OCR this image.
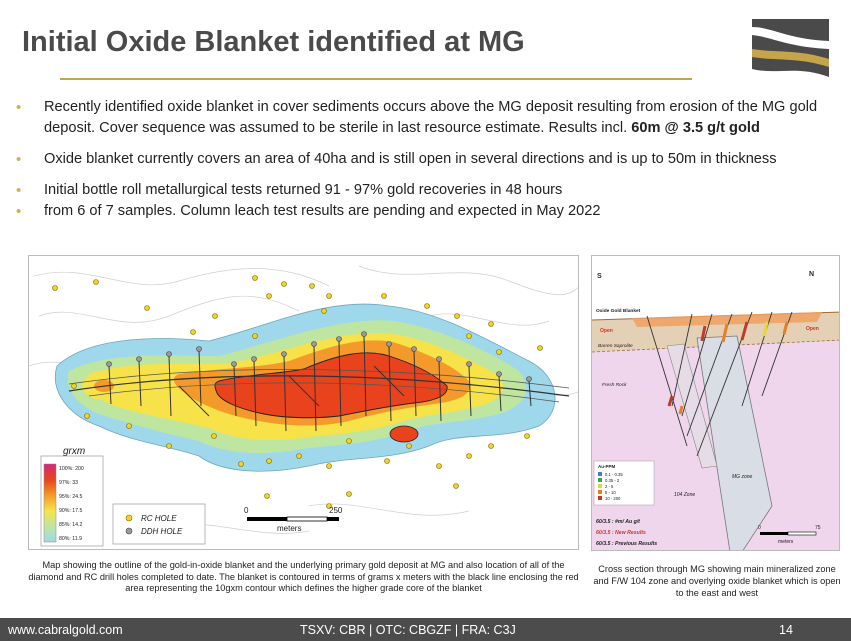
Initial Oxide Blanket identified at MG
• Recently identified oxide blanket in cover sediments occurs above the MG deposit resulting from erosion of the MG gold deposit. Cover sequence was assumed to be sterile in last resource estimate. Results incl. 60m @ 3.5 g/t gold
• Oxide blanket currently covers an area of 40ha and is still open in several directions and is up to 50m in thickness
• Initial bottle roll metallurgical tests returned 91 - 97% gold recoveries in 48 hours
• from 6 of 7 samples. Column leach test results are pending and expected in May 2022
grxm
100%: 200
97%: 33
95%: 24.5
90%: 17.5
85%: 14.2
80%: 11.9
RC HOLE
DDH HOLE
0	250
meters
S	N
Oxide Gold Blanket
Open	Open
Barren Saprolite
Fresh Rock
104 Zone
MG zone
Au-PPM
0.1 - 0.35
0.35 - 2
2 - 5
5 - 10
10 - 200
60/3.5 : #m/ Au g/t
60/3.5 : New Results
60/3.5 : Previous Results
0	75
meters
Map showing the outline of the gold-in-oxide blanket and the underlying primary gold deposit at MG and also location of all of the diamond and RC drill holes completed to date. The blanket is contoured in terms of grams x meters with the black line enclosing the red area representing the 10gxm contour which defines the higher grade core of the blanket
Cross section through MG showing main mineralized zone and F/W 104 zone and overlying oxide blanket which is open to the east and west
www.cabralgold.com	TSXV: CBR | OTC: CBGZF | FRA: C3J	14
